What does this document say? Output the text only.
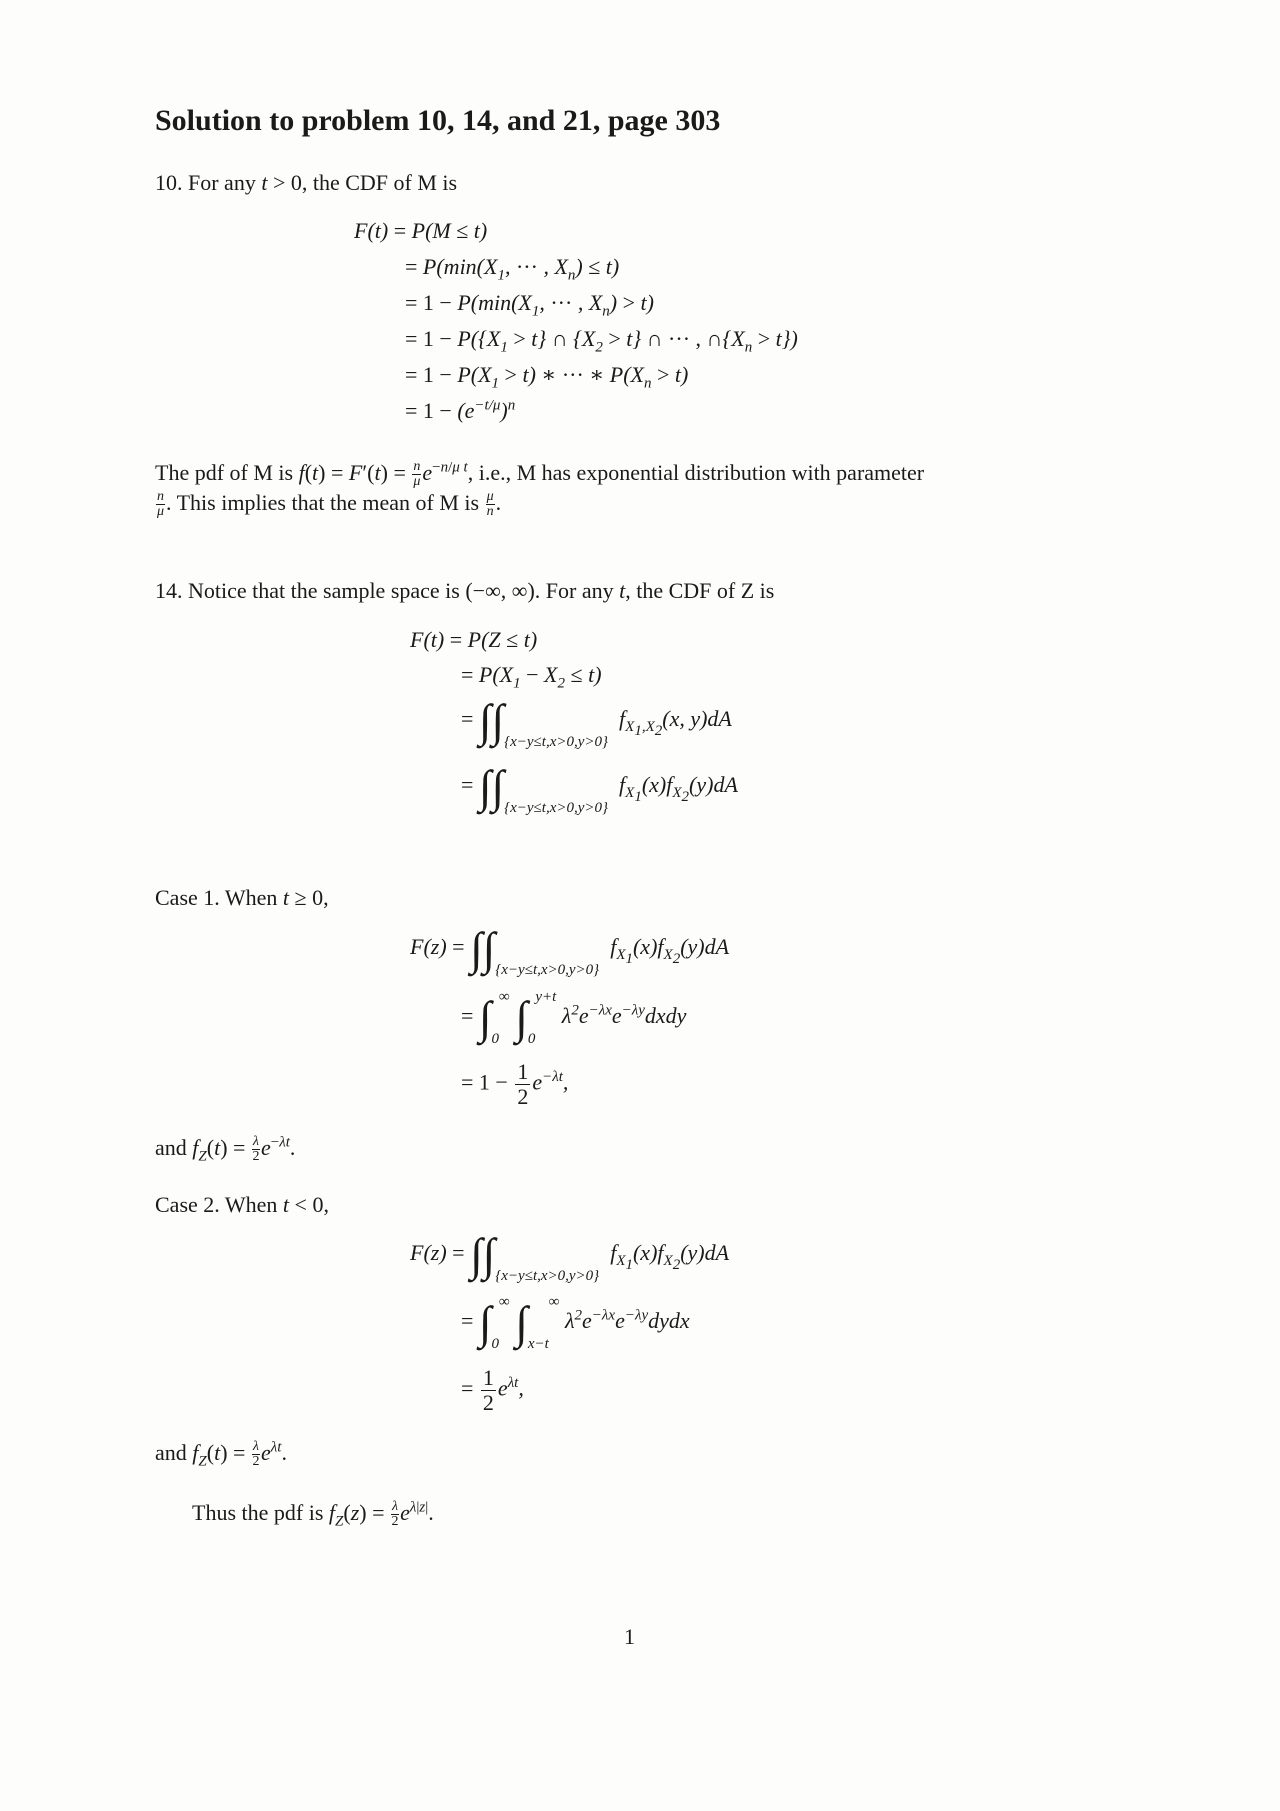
Solution to problem 10, 14, and 21, page 303
10. For any t > 0, the CDF of M is
F(t) = P(M ≤ t)
= $P(\min(X_1$, ··· , $X_n) \le t$)
= $1 - P(\min(X_1$, ··· , $X_n) > t$)
= $1 - P(\{X_1 > t\}$ ∩ $\{X_2 > t\}$ ∩ ··· , $\cap\{X_n > t\}$)
= $1 - P(X_1 > t)$ ∗ ··· ∗ $P(X_n > t)$
= $1 - (e^{-t/\mu})^n$
The pdf of M is $f(t) = F'(t) = \frac{n}{\mu} e^{-n/\mu t}$, i.e., M has exponential distribution with parameter
$\frac{n}{\mu}$ . This implies that the mean of M is $\frac{\mu}{n}$ .
14. Notice that the sample space is (−∞, ∞). For any t, the CDF of Z is
F(t) = P(Z ≤ t)
= $P(X_1 - X_2 \le t)$
= $\int\int_{\{x-y\le t,x>0,y>0\}}$  $f_{X_1,X_2}(x$, y)dA
= $\int\int_{\{x-y\le t,x>0,y>0\}}$  $f_{X_1}(x)f_{X_2}(y)dA$
Case 1. When t ≥ 0,
$F(z) = \int\int_{\{x-y\le t,x>0,y>0\}}$  $f_{X_1}(x)f_{X_2}(y)dA$
= $\int_0^\infty$ $\int_0^{y+t}$ $\lambda^2e^{-\lambda x}e^{-\lambda y}dxdy$
= $1 - \frac{1}{2} e^{-\lambda t}$,
and $f_Z(t) = \frac{\lambda}{2} e^{-\lambda t}$.
Case 2. When t < 0,
$F(z) = \int\int_{\{x-y\le t,x>0,y>0\}}$  $f_{X_1}(x)f_{X_2}(y)dA$
= $\int_0^\infty$ $\int_{x-t}^\infty$ $\lambda^2e^{-\lambda x}e^{-\lambda y}dydx$
= $\frac{1}{2} e^{\lambda t}$,
and $f_Z(t) = \frac{\lambda}{2} e^{\lambda t}$.
Thus the pdf is $f_Z(z) = \frac{\lambda}{2} e^{\lambda|z|}$.
1
